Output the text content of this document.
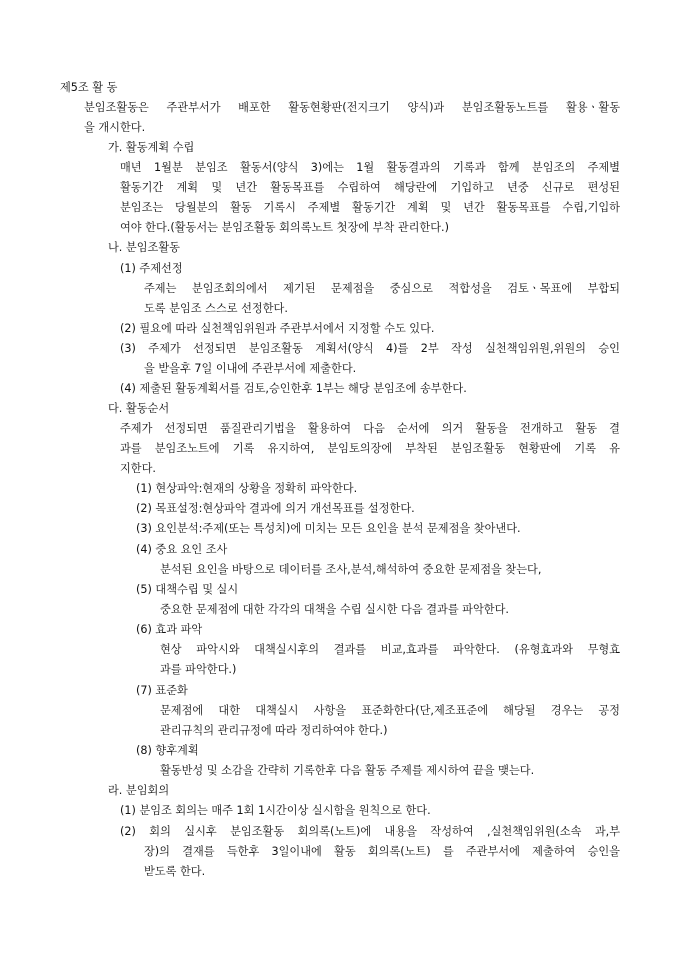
제5조 활 동
분임조활동은 주관부서가 배포한 활동현황판(전지크기 양식)과 분임조활동노트를 활용ㆍ활동
을 개시한다.
가. 활동계획 수립
매년 1월분 분임조 활동서(양식 3)에는 1월 활동결과의 기록과 함께 분임조의 주제별
활동기간 계획 및 년간 활동목표를 수립하여 해당란에 기입하고 년중 신규로 편성된
분임조는 당월분의 활동 기록시 주제별 활동기간 계획 및 년간 활동목표를 수립,기입하
여야 한다.(활동서는 분임조활동 회의록노트 첫장에 부착 관리한다.)
나. 분임조활동
(1) 주제선정
주제는 분임조회의에서 제기된 문제점을 중심으로 적합성을 검토ㆍ목표에 부합되
도록 분임조 스스로 선정한다.
(2) 필요에 따라 실천책임위원과 주관부서에서 지정할 수도 있다.
(3) 주제가 선정되면 분임조활동 계획서(양식 4)를 2부 작성 실천책임위원,위원의 승인
을 받을후 7일 이내에 주관부서에 제출한다.
(4) 제출된 활동계획서를 검토,승인한후 1부는 해당 분임조에 송부한다.
다. 활동순서
주제가 선정되면 품질관리기법을 활용하여 다음 순서에 의거 활동을 전개하고 활동 결
과를 분임조노트에 기록 유지하여, 분임토의장에 부착된 분임조활동 현황판에 기록 유
지한다.
(1) 현상파악:현재의 상황을 정확히 파악한다.
(2) 목표설정:현상파악 결과에 의거 개선목표를 설정한다.
(3) 요인분석:주제(또는 특성치)에 미치는 모든 요인을 분석 문제점을 찾아낸다.
(4) 중요 요인 조사
분석된 요인을 바탕으로 데이터를 조사,분석,해석하여 중요한 문제점을 찾는다,
(5) 대책수립 및 실시
중요한 문제점에 대한 각각의 대책을 수립 실시한 다음 결과를 파악한다.
(6) 효과 파악
현상 파악시와 대책실시후의 결과를 비교,효과를 파악한다. (유형효과와 무형효
과를 파악한다.)
(7) 표준화
문제점에 대한 대책실시 사항을 표준화한다(단,제조표준에 해당될 경우는 공정
관리규칙의 관리규정에 따라 정리하여야 한다.)
(8) 향후계획
활동반성 및 소감을 간략히 기록한후 다음 활동 주제를 제시하여 끝을 맺는다.
라. 분임회의
(1) 분임조 회의는 매주 1회 1시간이상 실시함을 원칙으로 한다.
(2) 회의 실시후 분임조활동 회의록(노트)에 내용을 작성하여 ,실천책임위원(소속 과,부
장)의 결재를 득한후 3일이내에 활동 회의록(노트) 를 주관부서에 제출하여 승인을
받도록 한다.
